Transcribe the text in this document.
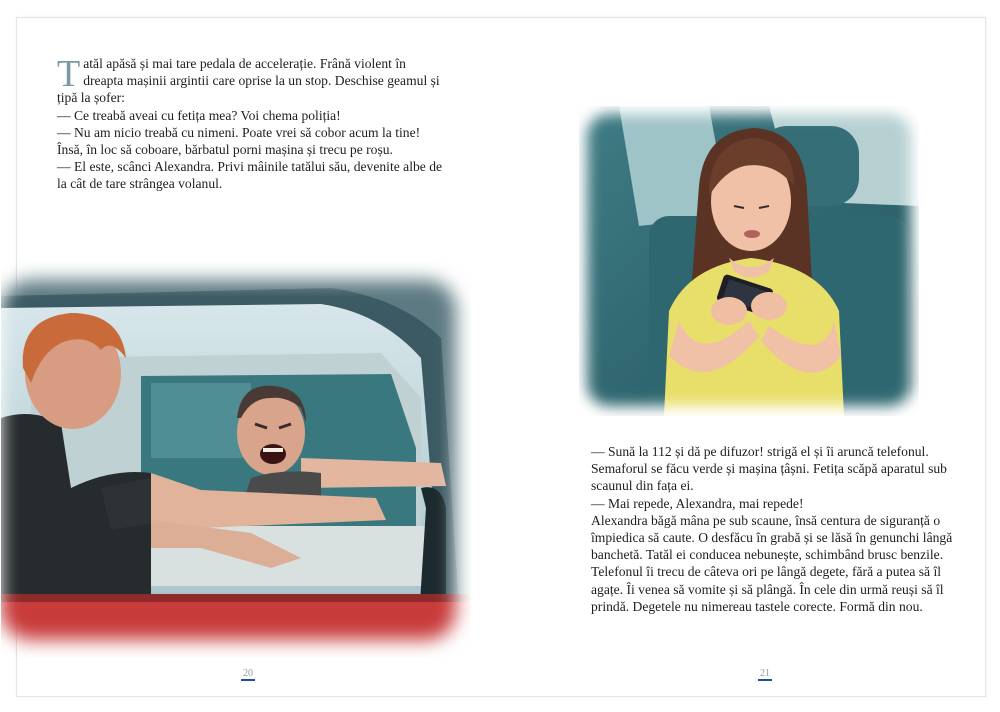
T atăl apăsă și mai tare pedala de accelerație. Frână violent în dreapta mașinii argintii care oprise la un stop. Deschise geamul și țipă la șofer:

— Ce treabă aveai cu fetița mea? Voi chema poliția!

— Nu am nicio treabă cu nimeni. Poate vrei să cobor acum la tine!

Însă, în loc să coboare, bărbatul porni mașina și trecu pe roșu.

— El este, scânci Alexandra. Privi mâinile tatălui său, devenite albe de la cât de tare strângea volanul.

20

— Sună la 112 și dă pe difuzor! strigă el și îi aruncă telefonul. Semaforul se făcu verde și mașina țâșni. Fetița scăpă aparatul sub scaunul din fața ei.

— Mai repede, Alexandra, mai repede!

Alexandra băgă mâna pe sub scaune, însă centura de siguranță o împiedica să caute. O desfăcu în grabă și se lăsă în genunchi lângă banchetă. Tatăl ei conducea nebunește, schimbând brusc benzile. Telefonul îi trecu de câteva ori pe lângă degete, fără a putea să îl agațe. Îi venea să vomite și să plângă. În cele din urmă reuși să îl prindă. Degetele nu nimereau tastele corecte. Formă din nou.

21
